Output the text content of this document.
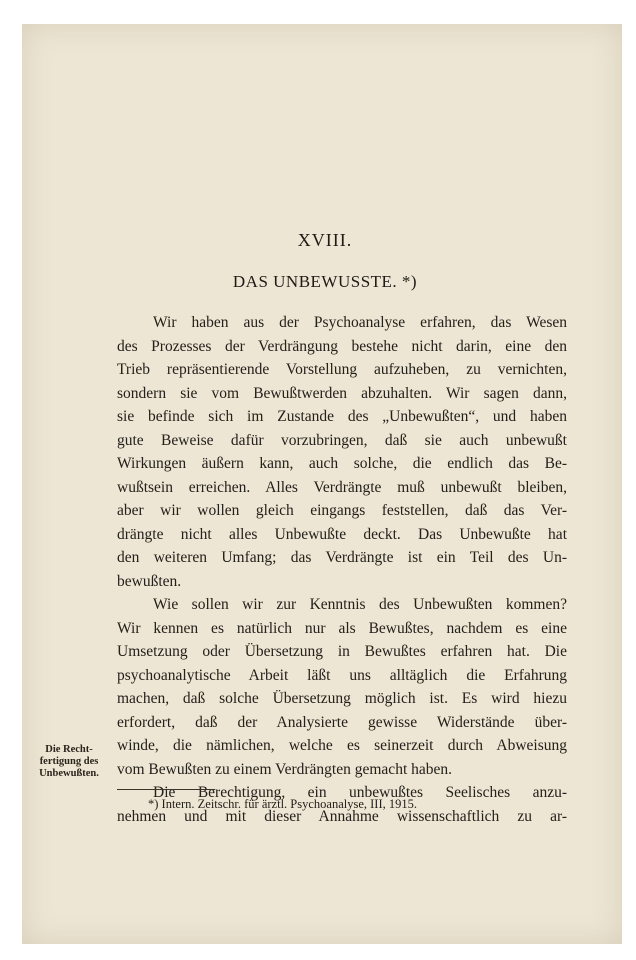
XVIII.
DAS UNBEWUSSTE. *)
Wir haben aus der Psychoanalyse erfahren, das Wesen
des Prozesses der Verdrängung bestehe nicht darin, eine den
Trieb repräsentierende Vorstellung aufzuheben, zu vernichten,
sondern sie vom Bewußtwerden abzuhalten. Wir sagen dann,
sie befinde sich im Zustande des „Unbewußten“, und haben
gute Beweise dafür vorzubringen, daß sie auch unbewußt
Wirkungen äußern kann, auch solche, die endlich das Be-
wußtsein erreichen. Alles Verdrängte muß unbewußt bleiben,
aber wir wollen gleich eingangs feststellen, daß das Ver-
drängte nicht alles Unbewußte deckt. Das Unbewußte hat
den weiteren Umfang; das Verdrängte ist ein Teil des Un-
bewußten.
Wie sollen wir zur Kenntnis des Unbewußten kommen?
Wir kennen es natürlich nur als Bewußtes, nachdem es eine
Umsetzung oder Übersetzung in Bewußtes erfahren hat. Die
psychoanalytische Arbeit läßt uns alltäglich die Erfahrung
machen, daß solche Übersetzung möglich ist. Es wird hiezu
erfordert, daß der Analysierte gewisse Widerstände über-
winde, die nämlichen, welche es seinerzeit durch Abweisung
vom Bewußten zu einem Verdrängten gemacht haben.
Die Berechtigung, ein unbewußtes Seelisches anzu-
nehmen und mit dieser Annahme wissenschaftlich zu ar-
Die Recht-fertigung des Unbewußten.
*) Intern. Zeitschr. für ärztl. Psychoanalyse, III, 1915.
